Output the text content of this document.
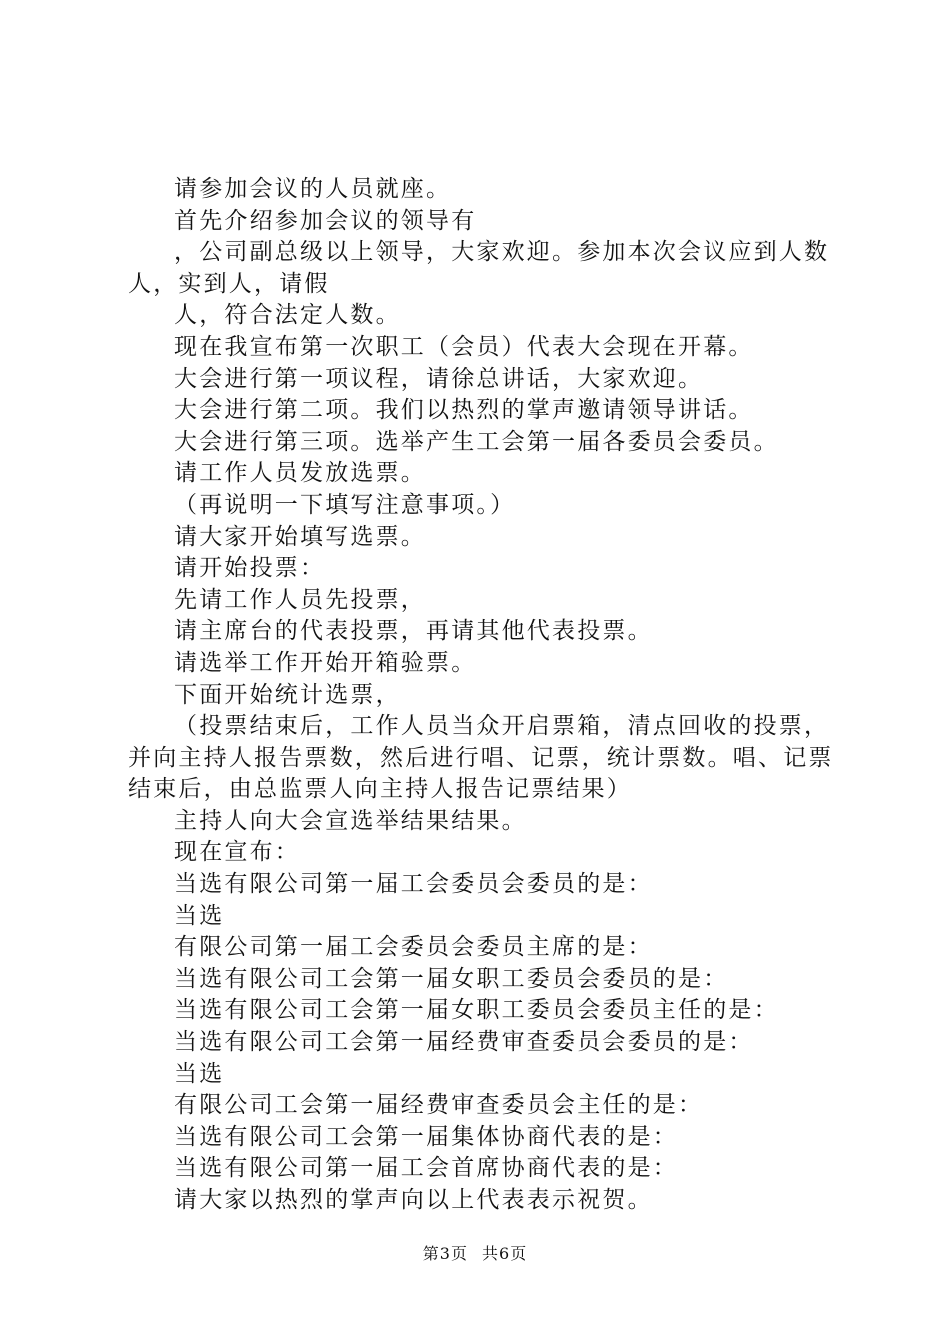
请参加会议的人员就座。

首先介绍参加会议的领导有

，公司副总级以上领导，大家欢迎。参加本次会议应到人数人，实到人，请假

人，符合法定人数。

现在我宣布第一次职工（会员）代表大会现在开幕。

大会进行第一项议程，请徐总讲话，大家欢迎。

大会进行第二项。我们以热烈的掌声邀请领导讲话。

大会进行第三项。选举产生工会第一届各委员会委员。

请工作人员发放选票。

（再说明一下填写注意事项。）

请大家开始填写选票。

请开始投票：

先请工作人员先投票，

请主席台的代表投票，再请其他代表投票。

请选举工作开始开箱验票。

下面开始统计选票，

（投票结束后，工作人员当众开启票箱，清点回收的投票，并向主持人报告票数，然后进行唱、记票，统计票数。唱、记票结束后，由总监票人向主持人报告记票结果）

主持人向大会宣选举结果结果。

现在宣布：

当选有限公司第一届工会委员会委员的是：

当选

有限公司第一届工会委员会委员主席的是：

当选有限公司工会第一届女职工委员会委员的是：

当选有限公司工会第一届女职工委员会委员主任的是：

当选有限公司工会第一届经费审查委员会委员的是：

当选

有限公司工会第一届经费审查委员会主任的是：

当选有限公司工会第一届集体协商代表的是：

当选有限公司第一届工会首席协商代表的是：

请大家以热烈的掌声向以上代表表示祝贺。

第3页 共6页
